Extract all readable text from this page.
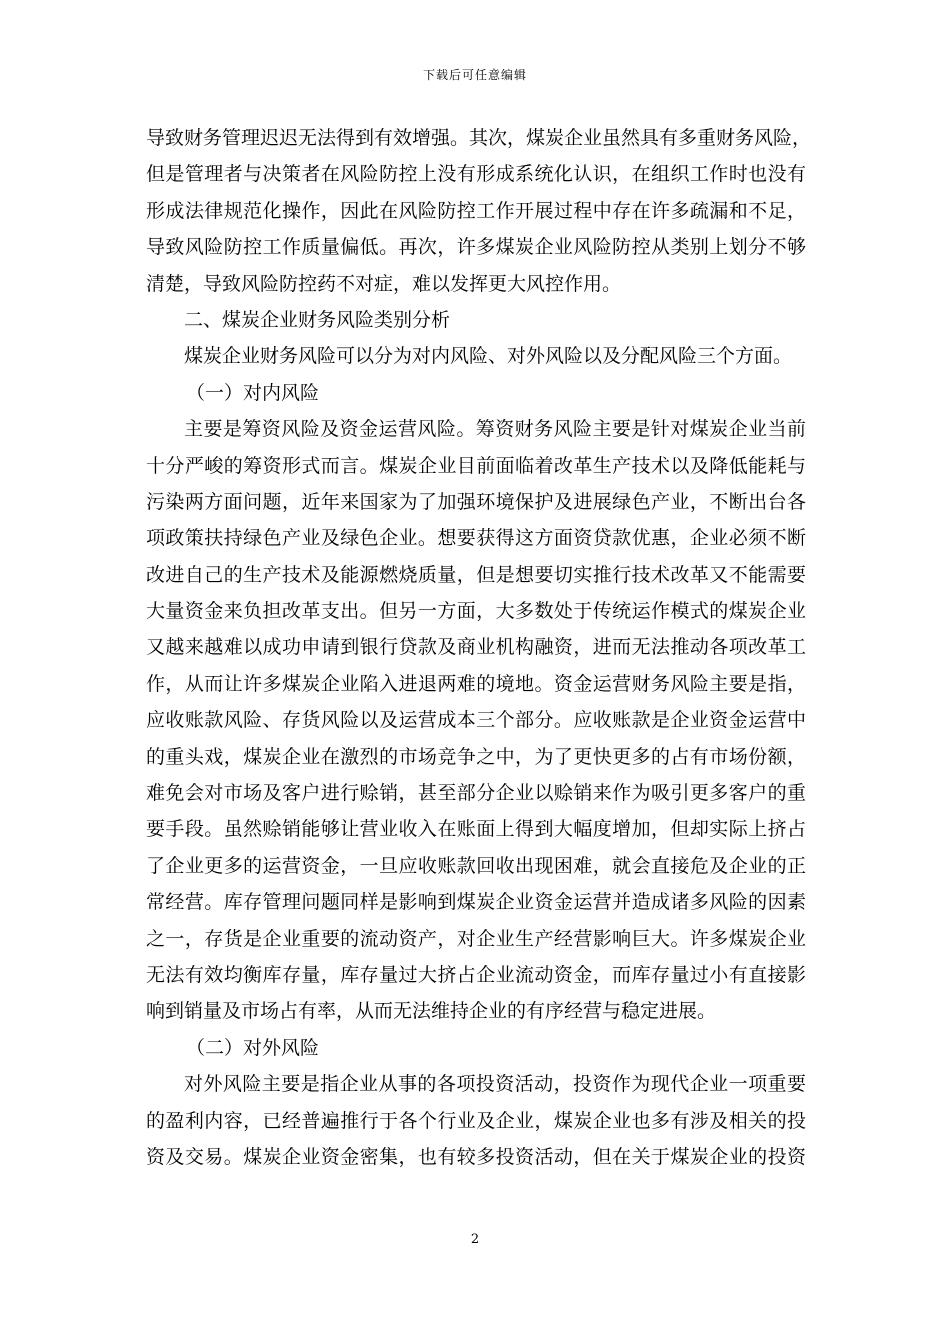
下载后可任意编辑
导致财务管理迟迟无法得到有效增强。其次，煤炭企业虽然具有多重财务风险，
但是管理者与决策者在风险防控上没有形成系统化认识，在组织工作时也没有
形成法律规范化操作，因此在风险防控工作开展过程中存在许多疏漏和不足，
导致风险防控工作质量偏低。再次，许多煤炭企业风险防控从类别上划分不够
清楚，导致风险防控药不对症，难以发挥更大风控作用。
二、煤炭企业财务风险类别分析
煤炭企业财务风险可以分为对内风险、对外风险以及分配风险三个方面。
（一）对内风险
主要是筹资风险及资金运营风险。筹资财务风险主要是针对煤炭企业当前
十分严峻的筹资形式而言。煤炭企业目前面临着改革生产技术以及降低能耗与
污染两方面问题，近年来国家为了加强环境保护及进展绿色产业，不断出台各
项政策扶持绿色产业及绿色企业。想要获得这方面资贷款优惠，企业必须不断
改进自己的生产技术及能源燃烧质量，但是想要切实推行技术改革又不能需要
大量资金来负担改革支出。但另一方面，大多数处于传统运作模式的煤炭企业
又越来越难以成功申请到银行贷款及商业机构融资，进而无法推动各项改革工
作，从而让许多煤炭企业陷入进退两难的境地。资金运营财务风险主要是指，
应收账款风险、存货风险以及运营成本三个部分。应收账款是企业资金运营中
的重头戏，煤炭企业在激烈的市场竞争之中，为了更快更多的占有市场份额，
难免会对市场及客户进行赊销，甚至部分企业以赊销来作为吸引更多客户的重
要手段。虽然赊销能够让营业收入在账面上得到大幅度增加，但却实际上挤占
了企业更多的运营资金，一旦应收账款回收出现困难，就会直接危及企业的正
常经营。库存管理问题同样是影响到煤炭企业资金运营并造成诸多风险的因素
之一，存货是企业重要的流动资产，对企业生产经营影响巨大。许多煤炭企业
无法有效均衡库存量，库存量过大挤占企业流动资金，而库存量过小有直接影
响到销量及市场占有率，从而无法维持企业的有序经营与稳定进展。
（二）对外风险
对外风险主要是指企业从事的各项投资活动，投资作为现代企业一项重要
的盈利内容，已经普遍推行于各个行业及企业，煤炭企业也多有涉及相关的投
资及交易。煤炭企业资金密集，也有较多投资活动，但在关于煤炭企业的投资
2
